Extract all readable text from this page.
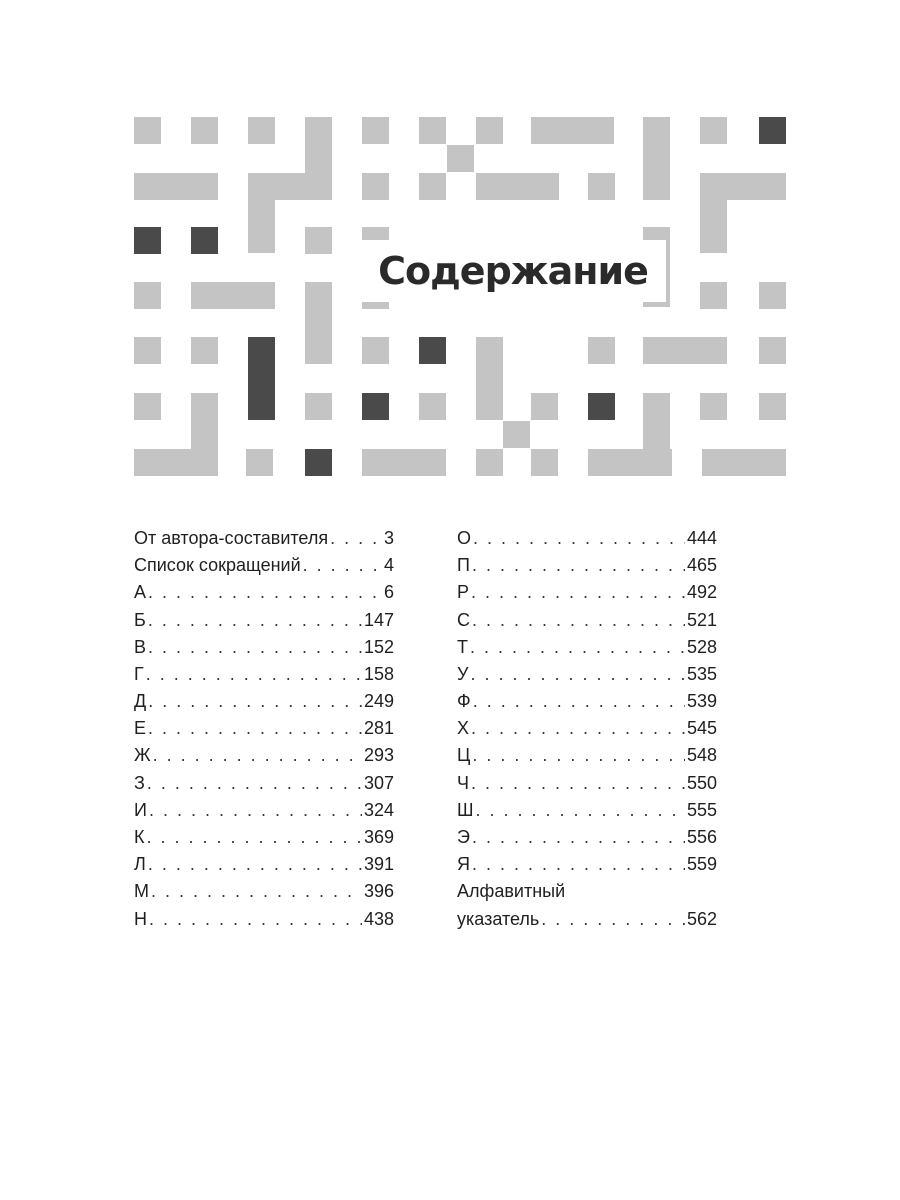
Содержание
От автора-составителя . . .	3
Список сокращений . . .	4
А . . .	6
Б . . .	147
В . . .	152
Г . . .	158
Д . . .	249
Е . . .	281
Ж . . .	293
З . . .	307
И . . .	324
К . . .	369
Л . . .	391
М . . .	396
Н . . .	438
О . . .	444
П . . .	465
Р . . .	492
С . . .	521
Т . . .	528
У . . .	535
Ф . . .	539
Х . . .	545
Ц . . .	548
Ч . . .	550
Ш . . .	555
Э . . .	556
Я . . .	559
Алфавитный
указатель . . .	562
